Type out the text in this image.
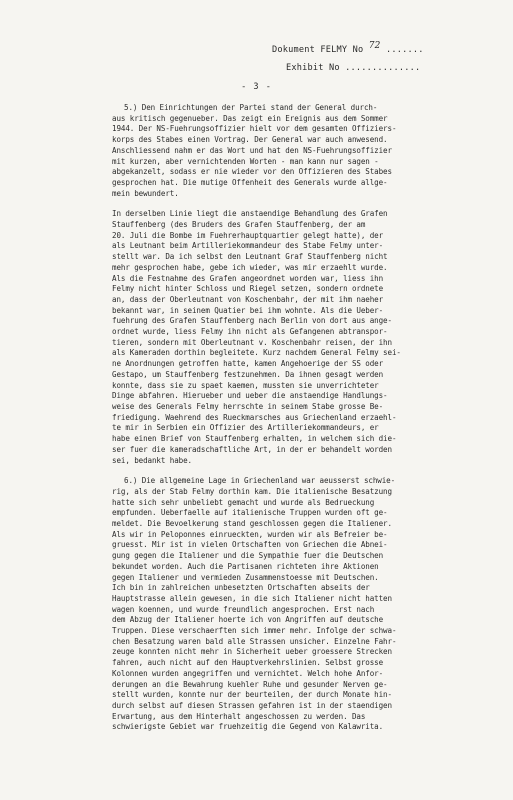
Dokument FELMY No 72 .......
Exhibit No ..............
- 3 -

5.) Den Einrichtungen der Partei stand der General durch-

aus kritisch gegenueber. Das zeigt ein Ereignis aus dem Sommer

1944. Der NS-Fuehrungsoffizier hielt vor dem gesamten Offiziers-

korps des Stabes einen Vortrag. Der General war auch anwesend.

Anschliessend nahm er das Wort und hat den NS-Fuehrungsoffizier

mit kurzen, aber vernichtenden Worten - man kann nur sagen -

abgekanzelt, sodass er nie wieder vor den Offizieren des Stabes

gesprochen hat. Die mutige Offenheit des Generals wurde allge-

mein bewundert.

In derselben Linie liegt die anstaendige Behandlung des Grafen

Stauffenberg (des Bruders des Grafen Stauffenberg, der am

20. Juli die Bombe im Fuehrerhauptquartier gelegt hatte), der

als Leutnant beim Artilleriekommandeur des Stabe Felmy unter-

stellt war. Da ich selbst den Leutnant Graf Stauffenberg nicht

mehr gesprochen habe, gebe ich wieder, was mir erzaehlt wurde.

Als die Festnahme des Grafen angeordnet worden war, liess ihn

Felmy nicht hinter Schloss und Riegel setzen, sondern ordnete

an, dass der Oberleutnant von Koschenbahr, der mit ihm naeher

bekannt war, in seinem Quatier bei ihm wohnte. Als die Ueber-

fuehrung des Grafen Stauffenberg nach Berlin von dort aus ange-

ordnet wurde, liess Felmy ihn nicht als Gefangenen abtranspor-

tieren, sondern mit Oberleutnant v. Koschenbahr reisen, der ihn

als Kameraden dorthin begleitete. Kurz nachdem General Felmy sei-

ne Anordnungen getroffen hatte, kamen Angehoerige der SS oder

Gestapo, um Stauffenberg festzunehmen. Da ihnen gesagt werden

konnte, dass sie zu spaet kaemen, mussten sie unverrichteter

Dinge abfahren. Hierueber und ueber die anstaendige Handlungs-

weise des Generals Felmy herrschte in seinem Stabe grosse Be-

friedigung. Waehrend des Rueckmarsches aus Griechenland erzaehl-

te mir in Serbien ein Offizier des Artilleriekommandeurs, er

habe einen Brief von Stauffenberg erhalten, in welchem sich die-

ser fuer die kameradschaftliche Art, in der er behandelt worden

sei, bedankt habe.

6.) Die allgemeine Lage in Griechenland war aeusserst schwie-

rig, als der Stab Felmy dorthin kam. Die italienische Besatzung

hatte sich sehr unbeliebt gemacht und wurde als Bedrueckung

empfunden. Ueberfaelle auf italienische Truppen wurden oft ge-

meldet. Die Bevoelkerung stand geschlossen gegen die Italiener.

Als wir in Peloponnes einrueckten, wurden wir als Befreier be-

gruesst. Mir ist in vielen Ortschaften von Griechen die Abnei-

gung gegen die Italiener und die Sympathie fuer die Deutschen

bekundet worden. Auch die Partisanen richteten ihre Aktionen

gegen Italiener und vermieden Zusammenstoesse mit Deutschen.

Ich bin in zahlreichen unbesetzten Ortschaften abseits der

Hauptstrasse allein gewesen, in die sich Italiener nicht hatten

wagen koennen, und wurde freundlich angesprochen. Erst nach

dem Abzug der Italiener hoerte ich von Angriffen auf deutsche

Truppen. Diese verschaerften sich immer mehr. Infolge der schwa-

chen Besatzung waren bald alle Strassen unsicher. Einzelne Fahr-

zeuge konnten nicht mehr in Sicherheit ueber groessere Strecken

fahren, auch nicht auf den Hauptverkehrslinien. Selbst grosse

Kolonnen wurden angegriffen und vernichtet. Welch hohe Anfor-

derungen an die Bewahrung kuehler Ruhe und gesunder Nerven ge-

stellt wurden, konnte nur der beurteilen, der durch Monate hin-

durch selbst auf diesen Strassen gefahren ist in der staendigen

Erwartung, aus dem Hinterhalt angeschossen zu werden. Das

schwierigste Gebiet war fruehzeitig die Gegend von Kalawrita.
